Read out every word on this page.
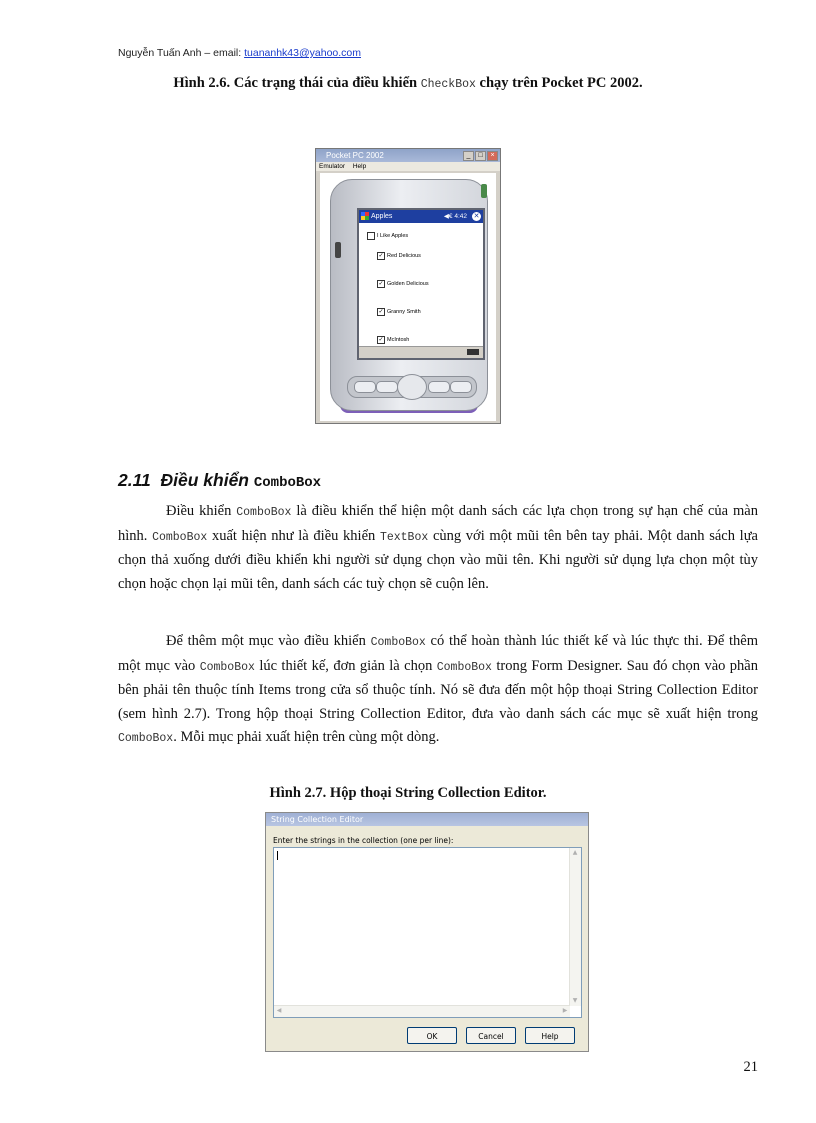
Nguyễn Tuấn Anh – email: tuananhk43@yahoo.com
Hình 2.6. Các trạng thái của điều khiển CheckBox chạy trên Pocket PC 2002.
Pocket PC 2002	_	□	×
Emulator Help
Apples	◀€ 4:42 ✕
I Like Apples
✓ Red Delicious
✓ Golden Delicious
✓ Granny Smith
✓ McIntosh
2.11 Điều khiển ComboBox

Điều khiển ComboBox là điều khiển thể hiện một danh sách các lựa chọn trong sự hạn chế của màn hình. ComboBox xuất hiện như là điều khiển TextBox cùng với một mũi tên bên tay phải. Một danh sách lựa chọn thả xuống dưới điều khiển khi người sử dụng chọn vào mũi tên. Khi người sử dụng lựa chọn một tùy chọn hoặc chọn lại mũi tên, danh sách các tuỳ chọn sẽ cuộn lên.

Để thêm một mục vào điều khiển ComboBox có thể hoàn thành lúc thiết kế và lúc thực thi. Để thêm một mục vào ComboBox lúc thiết kế, đơn giản là chọn ComboBox trong Form Designer. Sau đó chọn vào phần bên phải tên thuộc tính Items trong cửa sổ thuộc tính. Nó sẽ đưa đến một hộp thoại String Collection Editor (sem hình 2.7). Trong hộp thoại String Collection Editor, đưa vào danh sách các mục sẽ xuất hiện trong ComboBox. Mỗi mục phải xuất hiện trên cùng một dòng.

Hình 2.7. Hộp thoại String Collection Editor.
String Collection Editor
Enter the strings in the collection (one per line):
▲
▼
◀	▶
OK	Cancel	Help
21
